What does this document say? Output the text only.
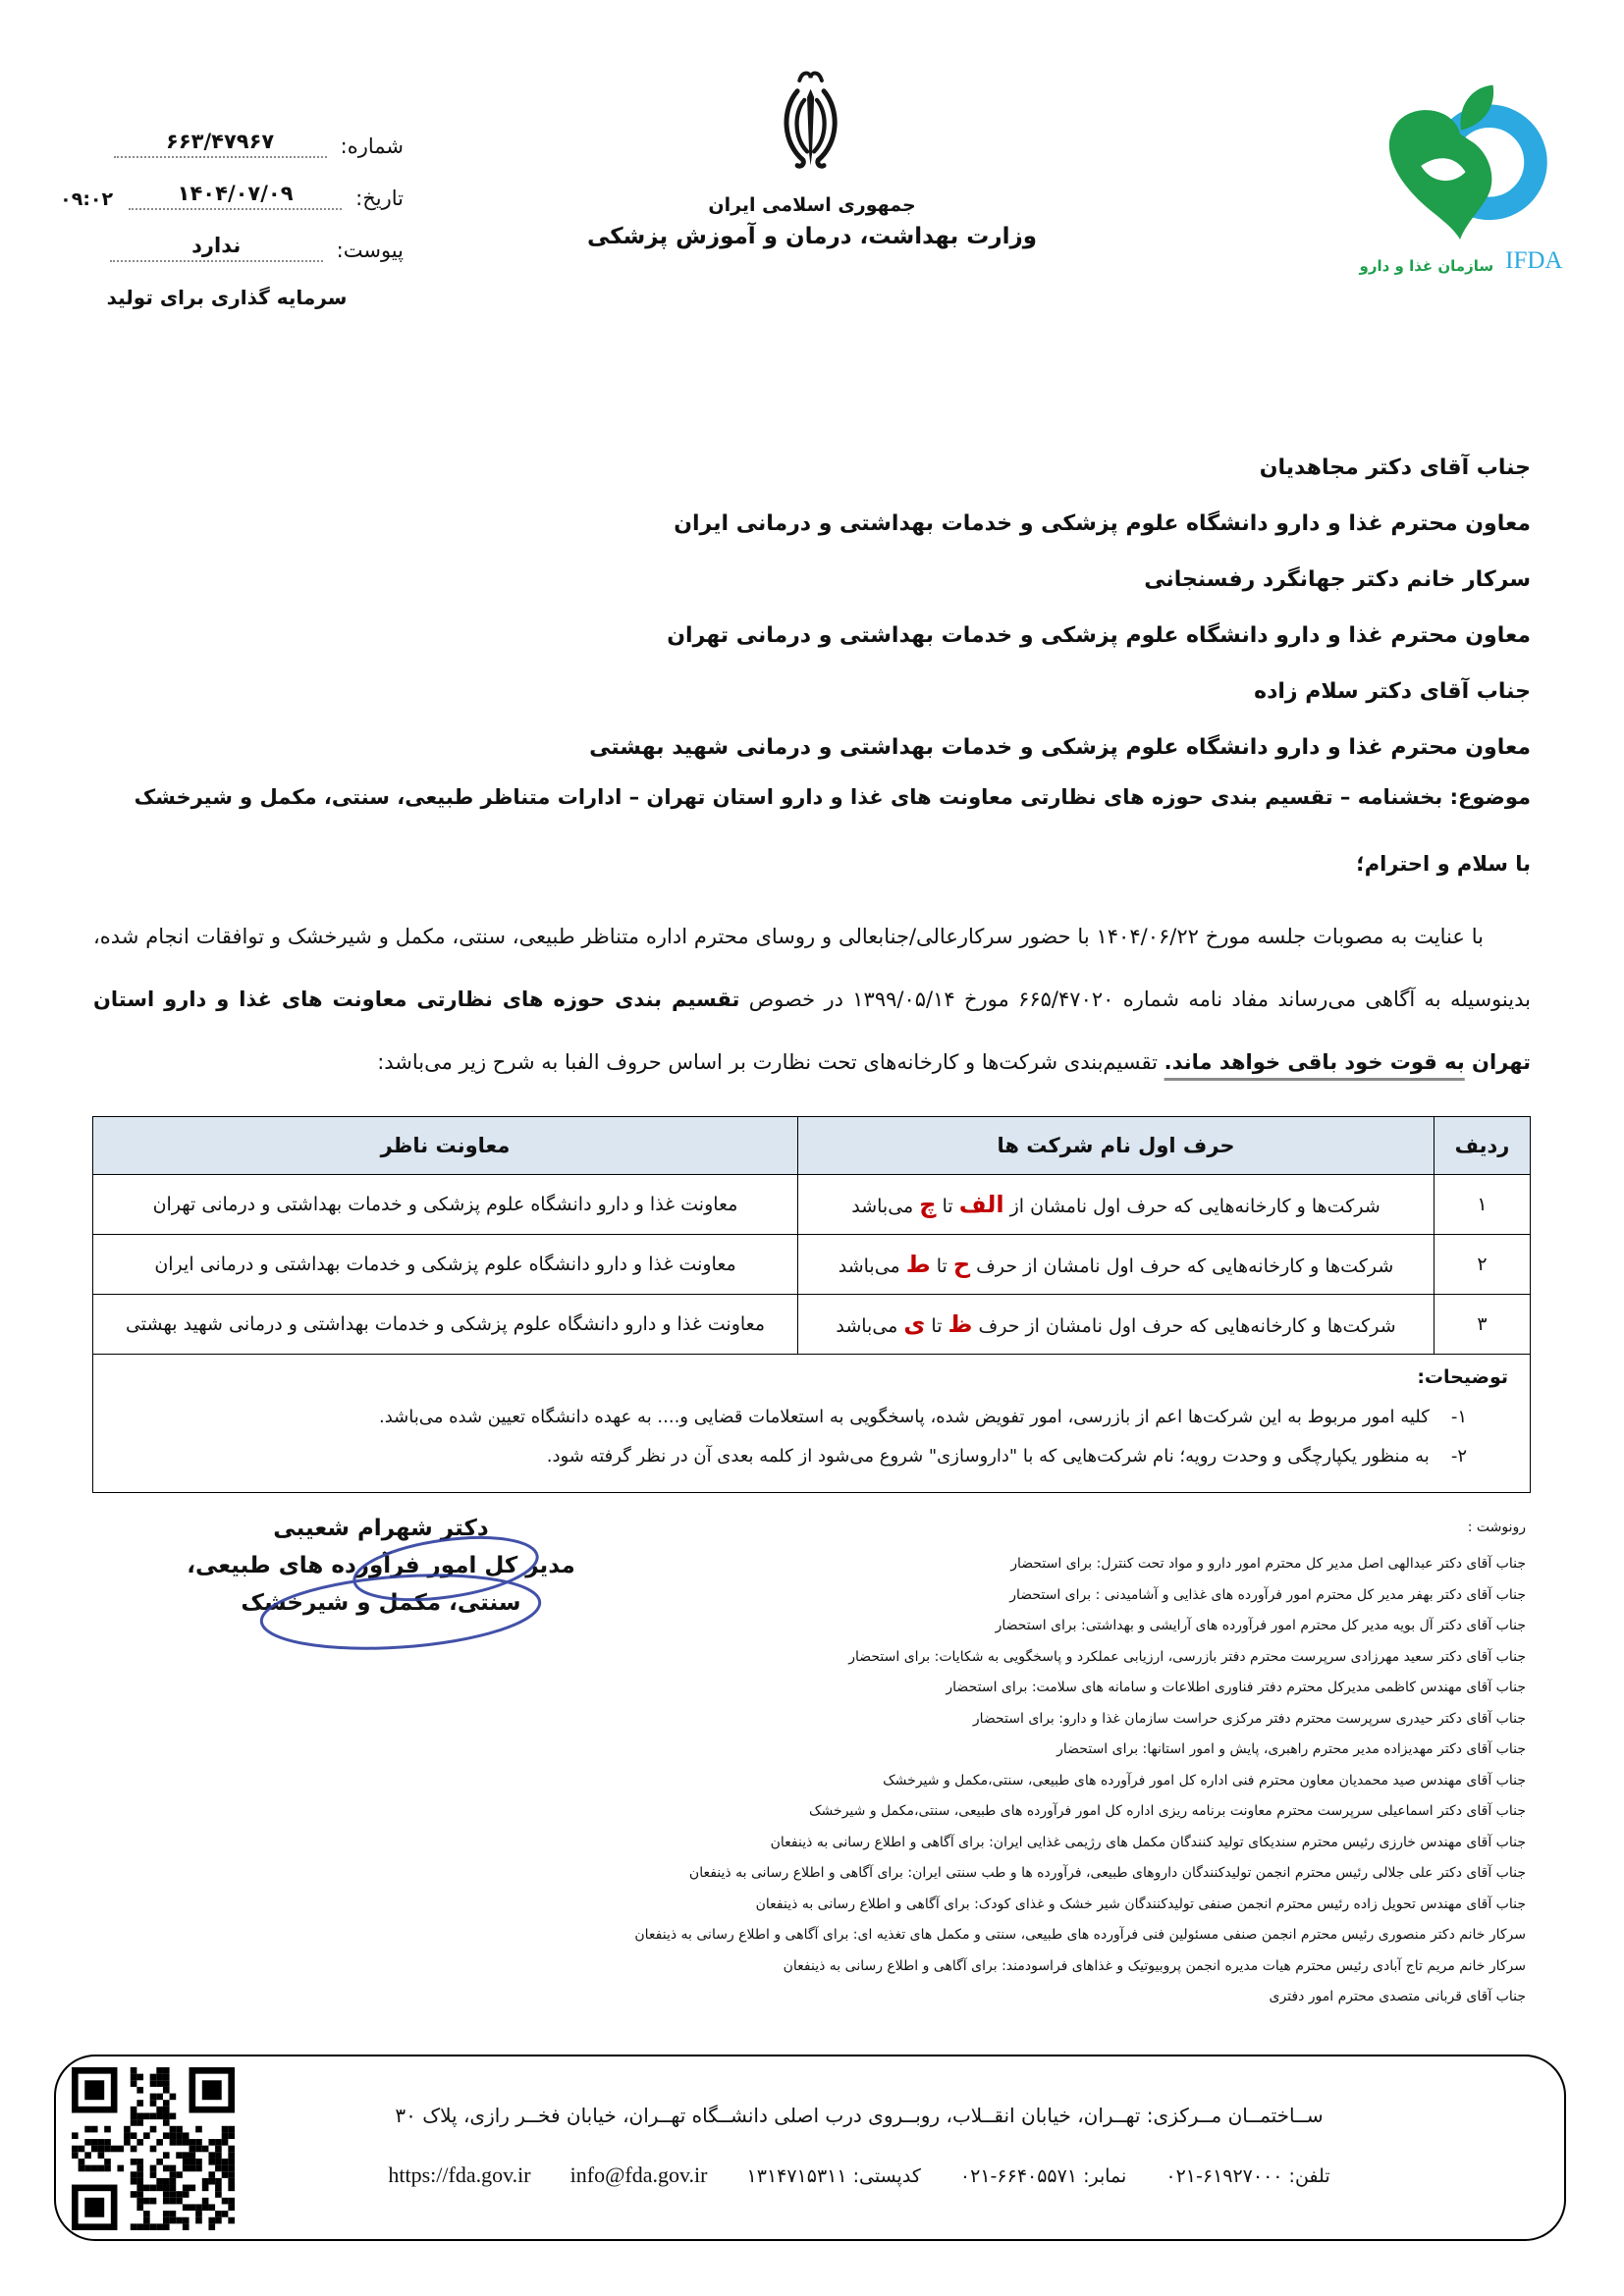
شماره:
۶۶۳/۴۷۹۶۷
تاریخ:
۱۴۰۴/۰۷/۰۹
۰۹:۰۲
پیوست:
ندارد
سرمایه گذاری برای تولید
جمهوری اسلامی ایران
وزارت بهداشت، درمان و آموزش پزشکی
سازمان غذا و دارو IFDA
جناب آقای دکتر مجاهدیان
معاون محترم غذا و دارو دانشگاه علوم پزشکی و خدمات بهداشتی و درمانی ایران
سرکار خانم دکتر جهانگرد رفسنجانی
معاون محترم غذا و دارو دانشگاه علوم پزشکی و خدمات بهداشتی و درمانی تهران
جناب آقای دکتر سلام زاده
معاون محترم غذا و دارو دانشگاه علوم پزشکی و خدمات بهداشتی و درمانی شهید بهشتی
موضوع: بخشنامه – تقسیم بندی حوزه های نظارتی معاونت های غذا و دارو استان تهران – ادارات متناظر طبیعی، سنتی، مکمل و شیرخشک
با سلام و احترام؛
با عنایت به مصوبات جلسه مورخ ۱۴۰۴/۰۶/۲۲ با حضور سرکارعالی/جنابعالی و روسای محترم اداره متناظر طبیعی، سنتی، مکمل و شیرخشک و توافقات انجام شده، بدینوسیله به آگاهی می‌رساند مفاد نامه شماره ۶۶۵/۴۷۰۲۰ مورخ ۱۳۹۹/۰۵/۱۴ در خصوص تقسیم بندی حوزه های نظارتی معاونت های غذا و دارو استان تهران به قوت خود باقی خواهد ماند. تقسیم‌بندی شرکت‌ها و کارخانه‌های تحت نظارت بر اساس حروف الفبا به شرح زیر می‌باشد:
ردیف	حرف اول نام شرکت ها	معاونت ناظر
۱	شرکت‌ها و کارخانه‌هایی که حرف اول نامشان از الف تا چ می‌باشد	معاونت غذا و دارو دانشگاه علوم پزشکی و خدمات بهداشتی و درمانی تهران
۲	شرکت‌ها و کارخانه‌هایی که حرف اول نامشان از حرف ح تا ط می‌باشد	معاونت غذا و دارو دانشگاه علوم پزشکی و خدمات بهداشتی و درمانی ایران
۳	شرکت‌ها و کارخانه‌هایی که حرف اول نامشان از حرف ظ تا ی می‌باشد	معاونت غذا و دارو دانشگاه علوم پزشکی و خدمات بهداشتی و درمانی شهید بهشتی

توضیحات:
۱-
کلیه امور مربوط به این شرکت‌ها اعم از بازرسی، امور تفویض شده، پاسخگویی به استعلامات قضایی و.... به عهده دانشگاه تعیین شده می‌باشد.
۲-
به منظور یکپارچگی و وحدت رویه؛ نام شرکت‌هایی که با "داروسازی" شروع می‌شود از کلمه بعدی آن در نظر گرفته شود.		
دکتر شهرام شعیبی
مدیر کل امور فرآورده های طبیعی،
سنتی، مکمل و شیرخشک
رونوشت :
جناب آقای دکتر عبدالهی اصل مدیر کل محترم امور دارو و مواد تحت کنترل: برای استحضار
جناب آقای دکتر بهفر مدیر کل محترم امور فرآورده های غذایی و آشامیدنی : برای استحضار
جناب آقای دکتر آل بویه مدیر کل محترم امور فرآورده های آرایشی و بهداشتی: برای استحضار
جناب آقای دکتر سعید مهرزادی سرپرست محترم دفتر بازرسی، ارزیابی عملکرد و پاسخگویی به شکایات: برای استحضار
جناب آقای مهندس کاظمی مدیرکل محترم دفتر فناوری اطلاعات و سامانه های سلامت: برای استحضار
جناب آقای دکتر حیدری سرپرست محترم دفتر مرکزی حراست سازمان غذا و دارو: برای استحضار
جناب آقای دکتر مهدیزاده مدیر محترم راهبری، پایش و امور استانها: برای استحضار
جناب آقای مهندس صید محمدیان معاون محترم فنی اداره کل امور فرآورده های طبیعی، سنتی،مکمل و شیرخشک
جناب آقای دکتر اسماعیلی سرپرست محترم معاونت برنامه ریزی اداره کل امور فرآورده های طبیعی، سنتی،مکمل و شیرخشک
جناب آقای مهندس خارزی رئیس محترم سندیکای تولید کنندگان مکمل های رژیمی غذایی ایران: برای آگاهی و اطلاع رسانی به ذینفعان
جناب آقای دکتر علی جلالی رئیس محترم انجمن تولیدکنندگان داروهای طبیعی، فرآورده ها و طب سنتی ایران: برای آگاهی و اطلاع رسانی به ذینفعان
جناب آقای مهندس تحویل زاده رئیس محترم انجمن صنفی تولیدکنندگان شیر خشک و غذای کودک: برای آگاهی و اطلاع رسانی به ذینفعان
سرکار خانم دکتر منصوری رئیس محترم انجمن صنفی مسئولین فنی فرآورده های طبیعی، سنتی و مکمل های تغذیه ای: برای آگاهی و اطلاع رسانی به ذینفعان
سرکار خانم مریم تاج آبادی رئیس محترم هیات مدیره انجمن پروبیوتیک و غذاهای فراسودمند: برای آگاهی و اطلاع رسانی به ذینفعان
جناب آقای قربانی متصدی محترم امور دفتری
ســاختمــان مــرکزی: تهــران، خیابان انقــلاب، روبــروی درب اصلی دانشــگاه تهــران، خیابان فخــر رازی، پلاک ۳۰
تلفن: ۶۱۹۲۷۰۰۰-۰۲۱ نمابر: ۶۶۴۰۵۵۷۱-۰۲۱ کدپستی: ۱۳۱۴۷۱۵۳۱۱ info@fda.gov.ir https://fda.gov.ir
